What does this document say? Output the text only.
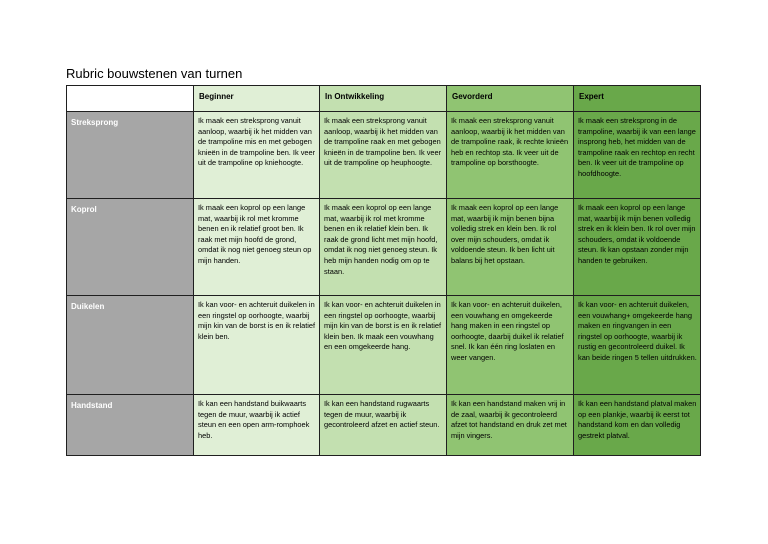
Rubric bouwstenen van turnen
	Beginner	In Ontwikkeling	Gevorderd	Expert
Streksprong	Ik maak een streksprong vanuit aanloop, waarbij ik het midden van de trampoline mis en met gebogen knieën in de trampoline ben. Ik veer uit de trampoline op kniehoogte.	Ik maak een streksprong vanuit aanloop, waarbij ik het midden van de trampoline raak en met gebogen knieën in de trampoline ben. Ik veer uit de trampoline op heuphoogte.	Ik maak een streksprong vanuit aanloop, waarbij ik het midden van de trampoline raak, ik rechte knieën heb en rechtop sta. Ik veer uit de trampoline op borsthoogte.	Ik maak een streksprong in de trampoline, waarbij ik van een lange insprong heb, het midden van de trampoline raak en rechtop en recht ben. Ik veer uit de trampoline op hoofdhoogte.
Koprol	Ik maak een koprol op een lange mat, waarbij ik rol met kromme benen en ik relatief groot ben. Ik raak met mijn hoofd de grond, omdat ik nog niet genoeg steun op mijn handen.	Ik maak een koprol op een lange mat, waarbij ik rol met kromme benen en ik relatief klein ben. Ik raak de grond licht met mijn hoofd, omdat ik nog niet genoeg steun. Ik heb mijn handen nodig om op te staan.	Ik maak een koprol op een lange mat, waarbij ik mijn benen bijna volledig strek en klein ben. Ik rol over mijn schouders, omdat ik voldoende steun. Ik ben licht uit balans bij het opstaan.	Ik maak een koprol op een lange mat, waarbij ik mijn benen volledig strek en ik klein ben. Ik rol over mijn schouders, omdat ik voldoende steun. Ik kan opstaan zonder mijn handen te gebruiken.
Duikelen	Ik kan voor- en achteruit duikelen in een ringstel op oorhoogte, waarbij mijn kin van de borst is en ik relatief klein ben.	Ik kan voor- en achteruit duikelen in een ringstel op oorhoogte, waarbij mijn kin van de borst is en ik relatief klein ben. Ik maak een vouwhang en een omgekeerde hang.	Ik kan voor- en achteruit duikelen, een vouwhang en omgekeerde hang maken in een ringstel op oorhoogte, daarbij duikel ik relatief snel. Ik kan één ring loslaten en weer vangen.	Ik kan voor- en achteruit duikelen, een vouwhang+ omgekeerde hang maken en ringvangen in een ringstel op oorhoogte, waarbij ik rustig en gecontroleerd duikel. Ik kan beide ringen 5 tellen uitdrukken.
Handstand	Ik kan een handstand buikwaarts tegen de muur, waarbij ik actief steun en een open arm-romphoek heb.	Ik kan een handstand rugwaarts tegen de muur, waarbij ik gecontroleerd afzet en actief steun.	Ik kan een handstand maken vrij in de zaal, waarbij ik gecontroleerd afzet tot handstand en druk zet met mijn vingers.	Ik kan een handstand platval maken op een plankje, waarbij ik eerst tot handstand kom en dan volledig gestrekt platval.
